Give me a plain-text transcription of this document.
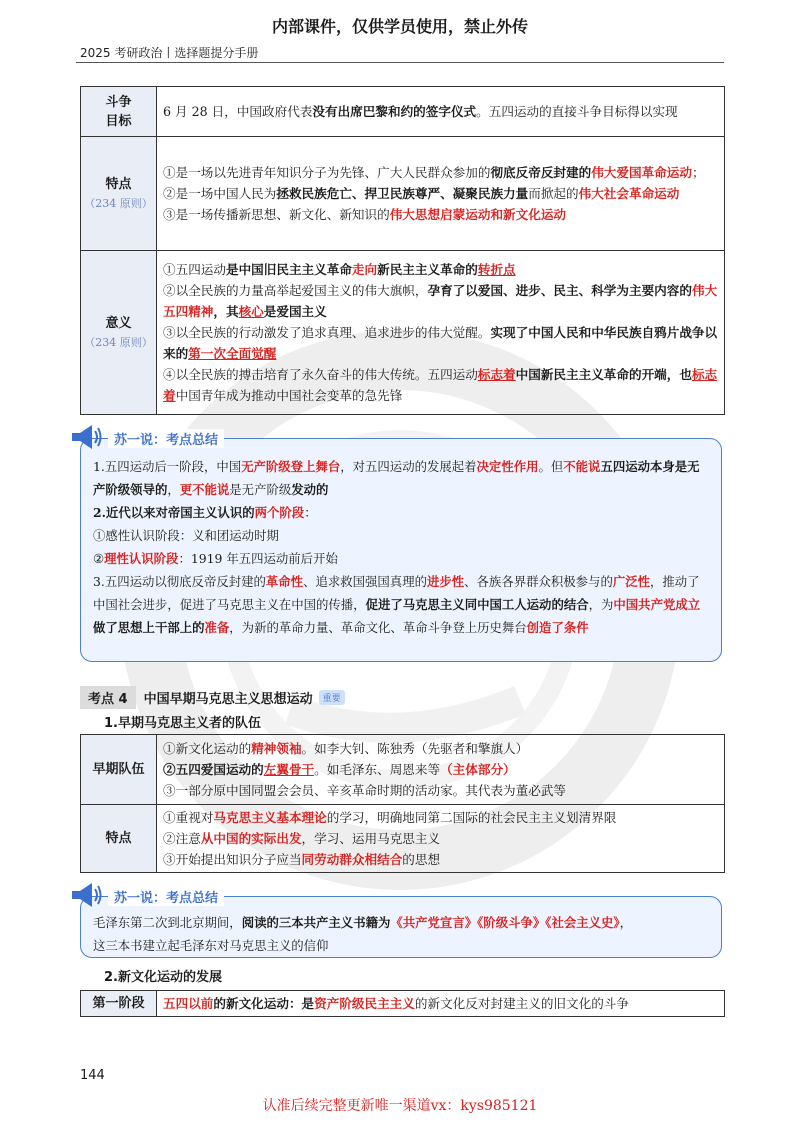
内部课件，仅供学员使用，禁止外传
2025 考研政治丨选择题提分手册
斗争
目标	6 月 28 日，中国政府代表没有出席巴黎和约的签字仪式。五四运动的直接斗争目标得以实现

特点
（234 原则）	①是一场以先进青年知识分子为先锋、广大人民群众参加的彻底反帝反封建的伟大爱国革命运动；
②是一场中国人民为拯救民族危亡、捍卫民族尊严、凝聚民族力量而掀起的伟大社会革命运动
③是一场传播新思想、新文化、新知识的伟大思想启蒙运动和新文化运动

意义
（234 原则）	①五四运动是中国旧民主主义革命走向新民主主义革命的转折点
②以全民族的力量高举起爱国主义的伟大旗帜，孕育了以爱国、进步、民主、科学为主要内容的伟大五四精神，其核心是爱国主义
③以全民族的行动激发了追求真理、追求进步的伟大觉醒。实现了中国人民和中华民族自鸦片战争以来的第一次全面觉醒
④以全民族的搏击培育了永久奋斗的伟大传统。五四运动标志着中国新民主主义革命的开端，也标志着中国青年成为推动中国社会变革的急先锋
1.五四运动后一阶段，中国无产阶级登上舞台，对五四运动的发展起着决定性作用。但不能说五四运动本身是无产阶级领导的，更不能说是无产阶级发动的
2.近代以来对帝国主义认识的两个阶段：
①感性认识阶段：义和团运动时期
②理性认识阶段：1919 年五四运动前后开始
3.五四运动以彻底反帝反封建的革命性、追求救国强国真理的进步性、各族各界群众积极参与的广泛性，推动了中国社会进步，促进了马克思主义在中国的传播，促进了马克思主义同中国工人运动的结合，为中国共产党成立做了思想上干部上的准备，为新的革命力量、革命文化、革命斗争登上历史舞台创造了条件
苏一说：考点总结
考点 4	中国早期马克思主义思想运动	重要
1.早期马克思主义者的队伍
早期队伍	①新文化运动的精神领袖。如李大钊、陈独秀（先驱者和擎旗人）
②五四爱国运动的左翼骨干。如毛泽东、周恩来等（主体部分）
③一部分原中国同盟会会员、辛亥革命时期的活动家。其代表为董必武等
特点	①重视对马克思主义基本理论的学习，明确地同第二国际的社会民主主义划清界限
②注意从中国的实际出发，学习、运用马克思主义
③开始提出知识分子应当同劳动群众相结合的思想
毛泽东第二次到北京期间，阅读的三本共产主义书籍为《共产党宣言》《阶级斗争》《社会主义史》，
这三本书建立起毛泽东对马克思主义的信仰
苏一说：考点总结
2.新文化运动的发展
第一阶段	五四以前的新文化运动：是资产阶级民主主义的新文化反对封建主义的旧文化的斗争
144
认准后续完整更新唯一渠道vx：kys985121
